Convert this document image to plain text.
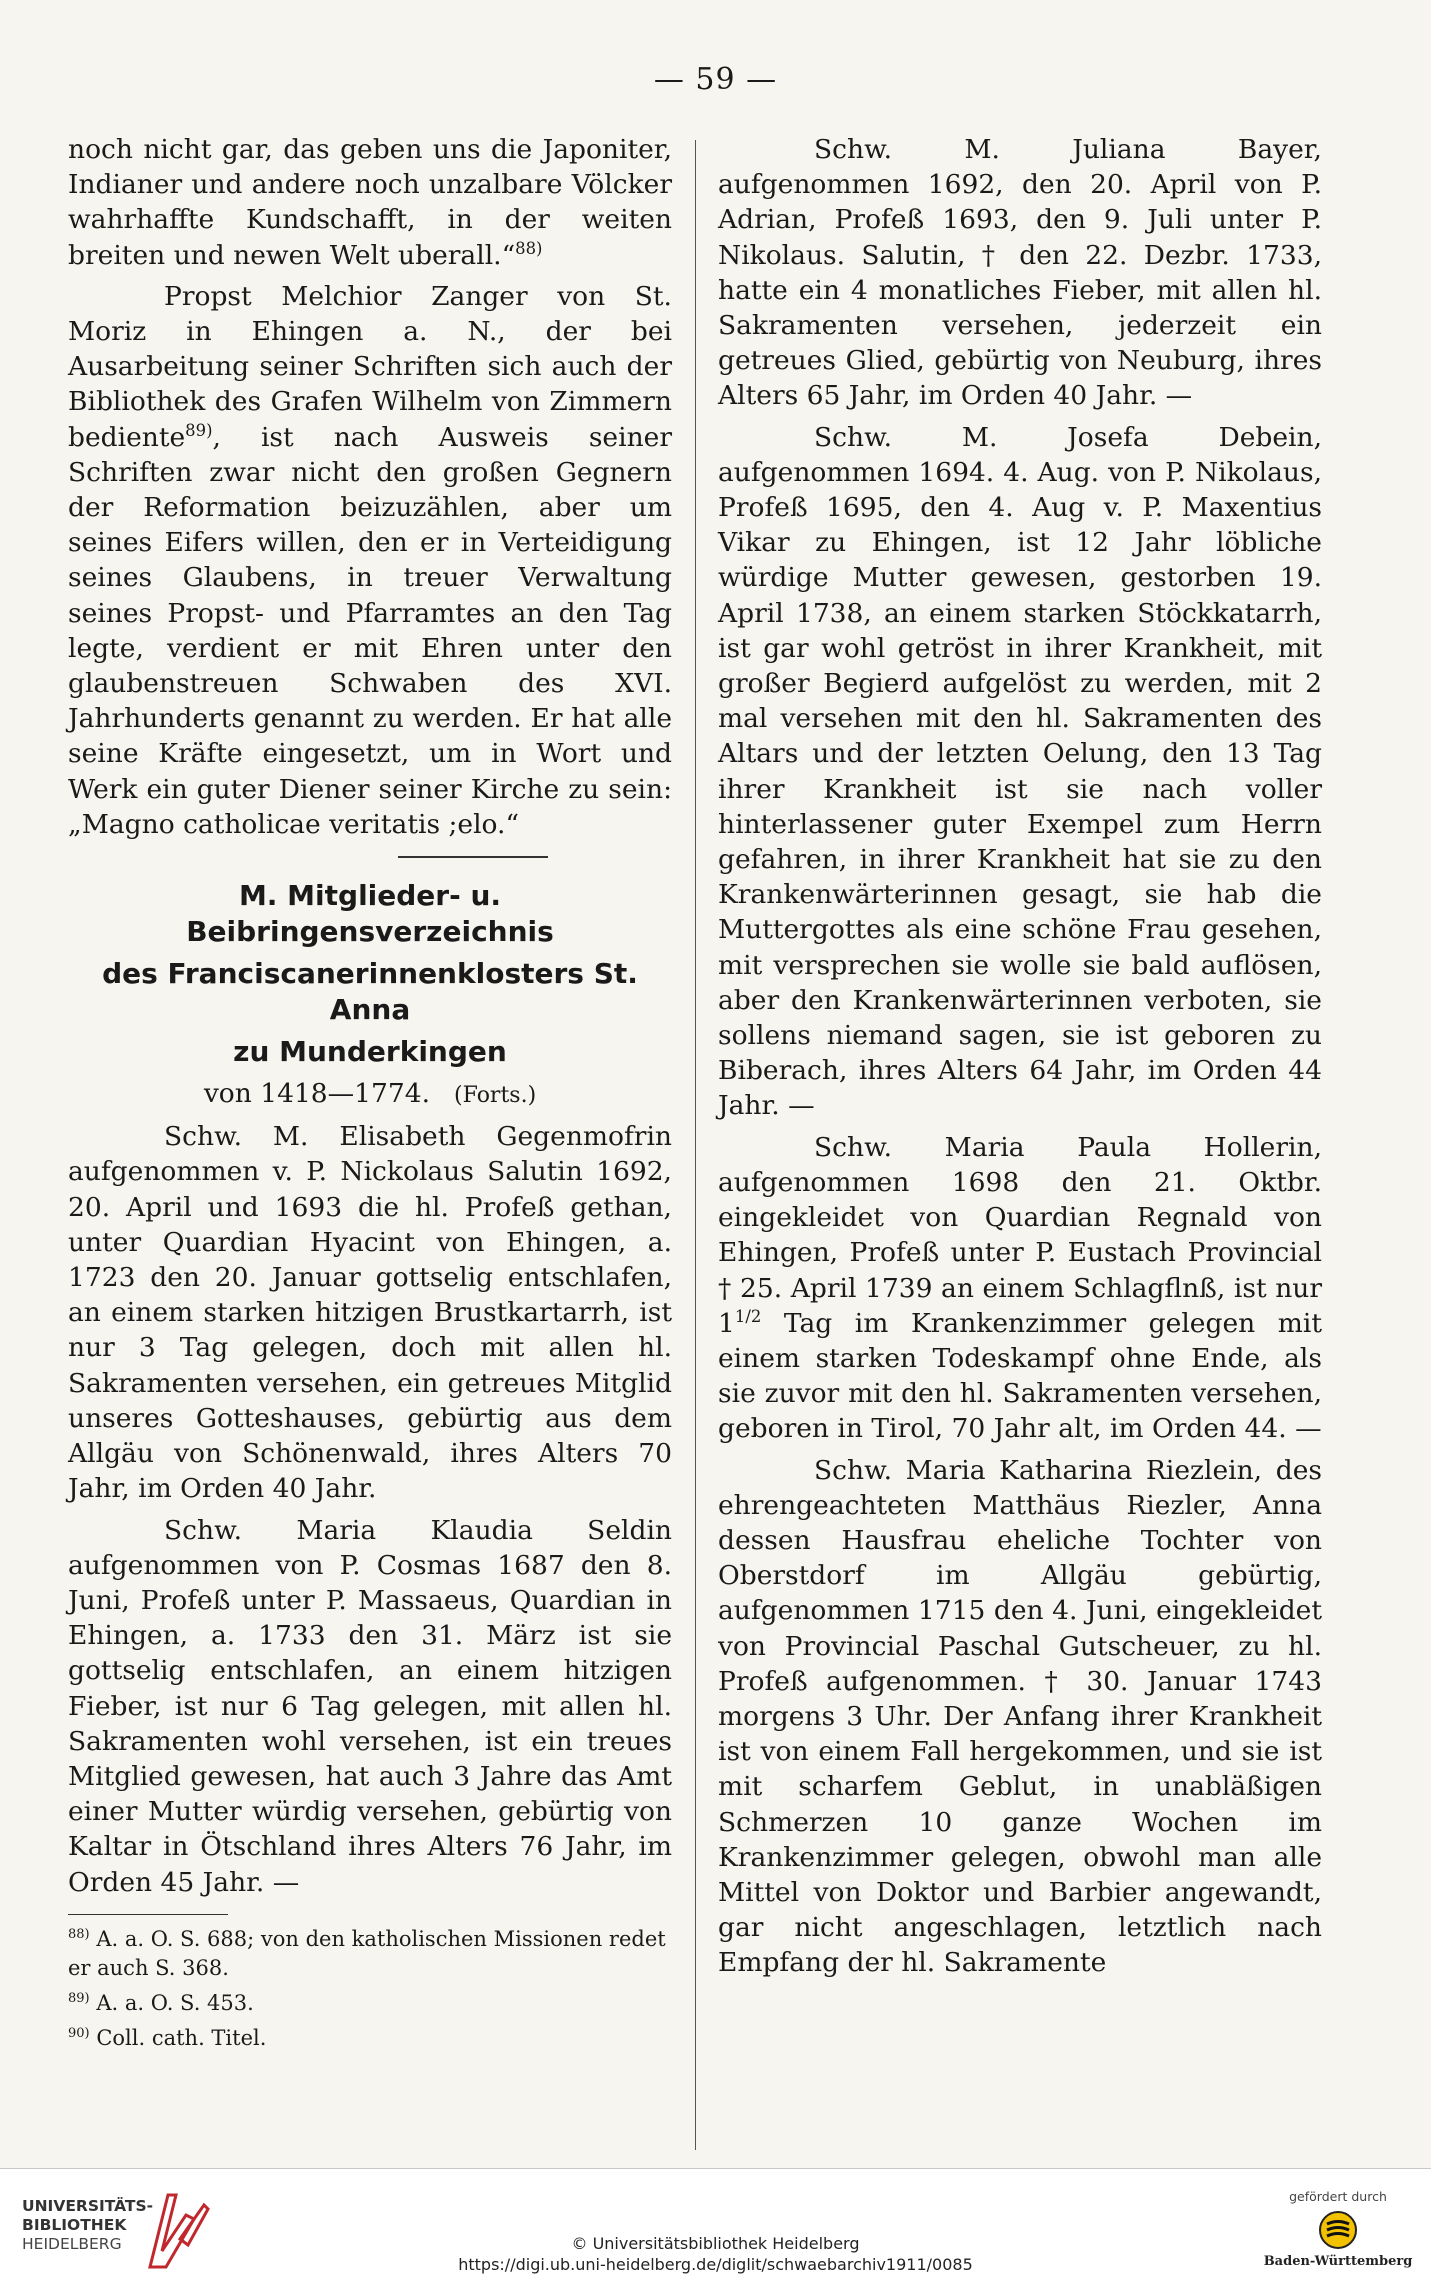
— 59 —

noch nicht gar, das geben uns die Japoniter, Indianer und andere noch unzalbare Völcker wahrhaffte Kundschafft, in der weiten breiten und newen Welt uberall.“$^{88)}$

Propst Melchior Zanger von St. Moriz in Ehingen a. N., der bei Ausarbeitung seiner Schriften sich auch der Bibliothek des Grafen Wilhelm von Zimmern bediente$^{89)}$, ist nach Ausweis seiner Schriften zwar nicht den großen Gegnern der Reformation beizuzählen, aber um seines Eifers willen, den er in Verteidigung seines Glaubens, in treuer Verwaltung seines Propst- und Pfarramtes an den Tag legte, verdient er mit Ehren unter den glaubenstreuen Schwaben des XVI. Jahrhunderts genannt zu werden. Er hat alle seine Kräfte eingesetzt, um in Wort und Werk ein guter Diener seiner Kirche zu sein: „Magno catholicae veritatis ;elo.“

M. Mitglieder- u. Beibringensverzeichnis

des Franciscanerinnenklosters St. Anna

zu Munderkingen

von 1418—1774. (Forts.)

Schw. M. Elisabeth Gegenmofrin aufgenommen v. P. Nickolaus Salutin 1692, 20. April und 1693 die hl. Profeß gethan, unter Quardian Hyacint von Ehingen, a. 1723 den 20. Januar gottselig entschlafen, an einem starken hitzigen Brustkartarrh, ist nur 3 Tag gelegen, doch mit allen hl. Sakramenten versehen, ein getreues Mitglid unseres Gotteshauses, gebürtig aus dem Allgäu von Schönenwald, ihres Alters 70 Jahr, im Orden 40 Jahr.

Schw. Maria Klaudia Seldin aufgenommen von P. Cosmas 1687 den 8. Juni, Profeß unter P. Massaeus, Quardian in Ehingen, a. 1733 den 31. März ist sie gottselig entschlafen, an einem hitzigen Fieber, ist nur 6 Tag gelegen, mit allen hl. Sakramenten wohl versehen, ist ein treues Mitglied gewesen, hat auch 3 Jahre das Amt einer Mutter würdig versehen, gebürtig von Kaltar in Ötschland ihres Alters 76 Jahr, im Orden 45 Jahr. —

$^{88)}$ A. a. O. S. 688; von den katholischen Missionen redet er auch S. 368.

$^{89)}$ A. a. O. S. 453.

$^{90)}$ Coll. cath. Titel.

Schw. M. Juliana Bayer, aufgenommen 1692, den 20. April von P. Adrian, Profeß 1693, den 9. Juli unter P. Nikolaus. Salutin, † den 22. Dezbr. 1733, hatte ein 4 monatliches Fieber, mit allen hl. Sakramenten versehen, jederzeit ein getreues Glied, gebürtig von Neuburg, ihres Alters 65 Jahr, im Orden 40 Jahr. —

Schw. M. Josefa Debein, aufgenommen 1694. 4. Aug. von P. Nikolaus, Profeß 1695, den 4. Aug v. P. Maxentius Vikar zu Ehingen, ist 12 Jahr löbliche würdige Mutter gewesen, gestorben 19. April 1738, an einem starken Stöckkatarrh, ist gar wohl getröst in ihrer Krankheit, mit großer Begierd aufgelöst zu werden, mit 2 mal versehen mit den hl. Sakramenten des Altars und der letzten Oelung, den 13 Tag ihrer Krankheit ist sie nach voller hinterlassener guter Exempel zum Herrn gefahren, in ihrer Krankheit hat sie zu den Krankenwärterinnen gesagt, sie hab die Muttergottes als eine schöne Frau gesehen, mit versprechen sie wolle sie bald auflösen, aber den Krankenwärterinnen verboten, sie sollens niemand sagen, sie ist geboren zu Biberach, ihres Alters 64 Jahr, im Orden 44 Jahr. —

Schw. Maria Paula Hollerin, aufgenommen 1698 den 21. Oktbr. eingekleidet von Quardian Regnald von Ehingen, Profeß unter P. Eustach Provincial † 25. April 1739 an einem Schlagflnß, ist nur $1^{1/2}$ Tag im Krankenzimmer gelegen mit einem starken Todeskampf ohne Ende, als sie zuvor mit den hl. Sakramenten versehen, geboren in Tirol, 70 Jahr alt, im Orden 44. —

Schw. Maria Katharina Riezlein, des ehrengeachteten Matthäus Riezler, Anna dessen Hausfrau eheliche Tochter von Oberstdorf im Allgäu gebürtig, aufgenommen 1715 den 4. Juni, eingekleidet von Provincial Paschal Gutscheuer, zu hl. Profeß aufgenommen. † 30. Januar 1743 morgens 3 Uhr. Der Anfang ihrer Krankheit ist von einem Fall hergekommen, und sie ist mit scharfem Geblut, in unabläßigen Schmerzen 10 ganze Wochen im Krankenzimmer gelegen, obwohl man alle Mittel von Doktor und Barbier angewandt, gar nicht angeschlagen, letztlich nach Empfang der hl. Sakramente

UNIVERSITÄTS-
BIBLIOTHEK
HEIDELBERG	© Universitätsbibliothek Heidelberg
https://digi.ub.uni-heidelberg.de/diglit/schwaebarchiv1911/0085
gefördert durch
Baden-Württemberg
